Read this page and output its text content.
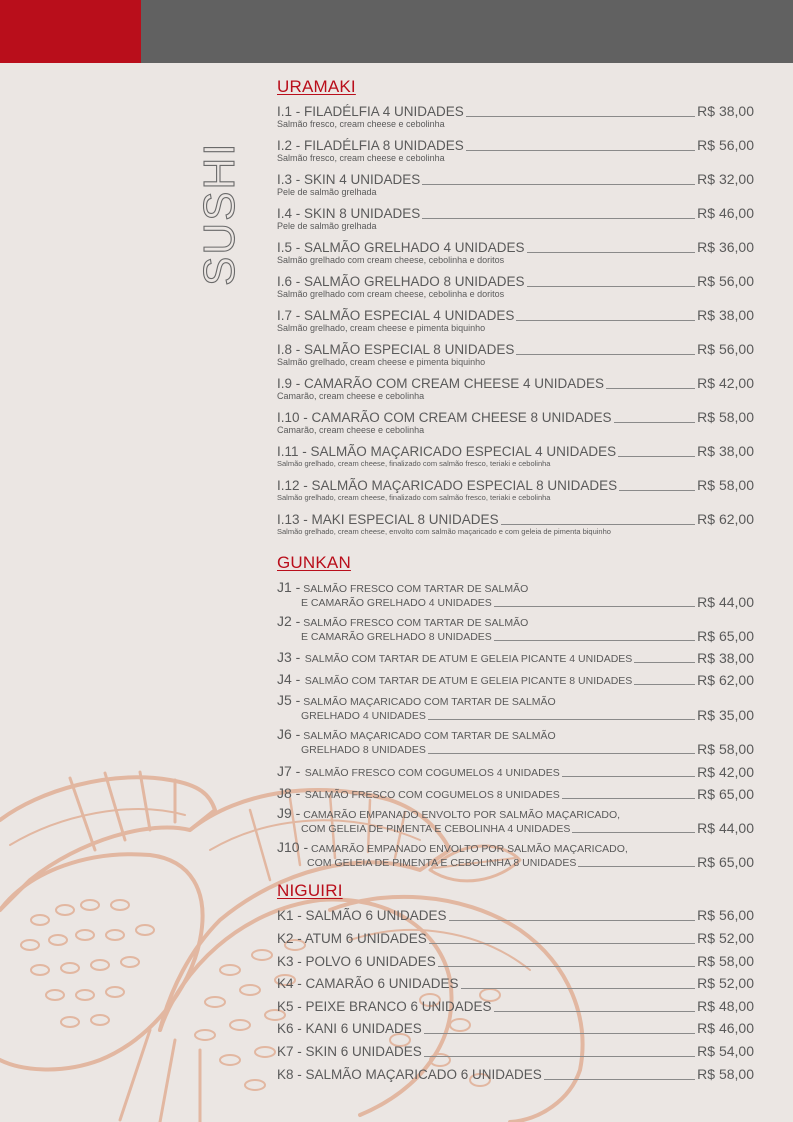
SUSHI
URAMAKI
I.1 - FILADÉLFIA 4 UNIDADES	R$ 38,00
Salmão fresco, cream cheese e cebolinha
I.2 - FILADÉLFIA 8 UNIDADES	R$ 56,00
Salmão fresco, cream cheese e cebolinha
I.3 - SKIN 4 UNIDADES	R$ 32,00
Pele de salmão grelhada
I.4 - SKIN 8 UNIDADES	R$ 46,00
Pele de salmão grelhada
I.5 - SALMÃO GRELHADO 4 UNIDADES	R$ 36,00
Salmão grelhado com cream cheese, cebolinha e doritos
I.6 - SALMÃO GRELHADO 8 UNIDADES	R$ 56,00
Salmão grelhado com cream cheese, cebolinha e doritos
I.7 - SALMÃO ESPECIAL 4 UNIDADES	R$ 38,00
Salmão grelhado, cream cheese e pimenta biquinho
I.8 - SALMÃO ESPECIAL 8 UNIDADES	R$ 56,00
Salmão grelhado, cream cheese e pimenta biquinho
I.9 - CAMARÃO COM CREAM CHEESE 4 UNIDADES	R$ 42,00
Camarão, cream cheese e cebolinha
I.10 - CAMARÃO COM CREAM CHEESE 8 UNIDADES	R$ 58,00
Camarão, cream cheese e cebolinha
I.11 - SALMÃO MAÇARICADO ESPECIAL 4 UNIDADES	R$ 38,00
Salmão grelhado, cream cheese, finalizado com salmão fresco, teriaki e cebolinha
I.12 - SALMÃO MAÇARICADO ESPECIAL 8 UNIDADES	R$ 58,00
Salmão grelhado, cream cheese, finalizado com salmão fresco, teriaki e cebolinha
I.13 - MAKI ESPECIAL 8 UNIDADES	R$ 62,00
Salmão grelhado, cream cheese, envolto com salmão maçaricado e com geleia de pimenta biquinho
GUNKAN
J1 - SALMÃO FRESCO COM TARTAR DE SALMÃO
E CAMARÃO GRELHADO 4 UNIDADES	R$ 44,00
J2 - SALMÃO FRESCO COM TARTAR DE SALMÃO
E CAMARÃO GRELHADO 8 UNIDADES	R$ 65,00
J3 -
SALMÃO COM TARTAR DE ATUM E GELEIA PICANTE 4 UNIDADES	R$ 38,00
J4 -
SALMÃO COM TARTAR DE ATUM E GELEIA PICANTE 8 UNIDADES	R$ 62,00
J5 - SALMÃO MAÇARICADO COM TARTAR DE SALMÃO
GRELHADO 4 UNIDADES	R$ 35,00
J6 - SALMÃO MAÇARICADO COM TARTAR DE SALMÃO
GRELHADO 8 UNIDADES	R$ 58,00
J7 -
SALMÃO FRESCO COM COGUMELOS 4 UNIDADES	R$ 42,00
J8 -
SALMÃO FRESCO COM COGUMELOS 8 UNIDADES	R$ 65,00
J9 - CAMARÃO EMPANADO ENVOLTO POR SALMÃO MAÇARICADO,
COM GELEIA DE PIMENTA E CEBOLINHA 4 UNIDADES	R$ 44,00
J10 - CAMARÃO EMPANADO ENVOLTO POR SALMÃO MAÇARICADO,
COM GELEIA DE PIMENTA E CEBOLINHA 8 UNIDADES	R$ 65,00
NIGUIRI
K1 - SALMÃO 6 UNIDADES	R$ 56,00
K2 - ATUM 6 UNIDADES	R$ 52,00
K3 - POLVO 6 UNIDADES	R$ 58,00
K4 - CAMARÃO 6 UNIDADES	R$ 52,00
K5 - PEIXE BRANCO 6 UNIDADES	R$ 48,00
K6 - KANI 6 UNIDADES	R$ 46,00
K7 - SKIN 6 UNIDADES	R$ 54,00
K8 - SALMÃO MAÇARICADO 6 UNIDADES	R$ 58,00
